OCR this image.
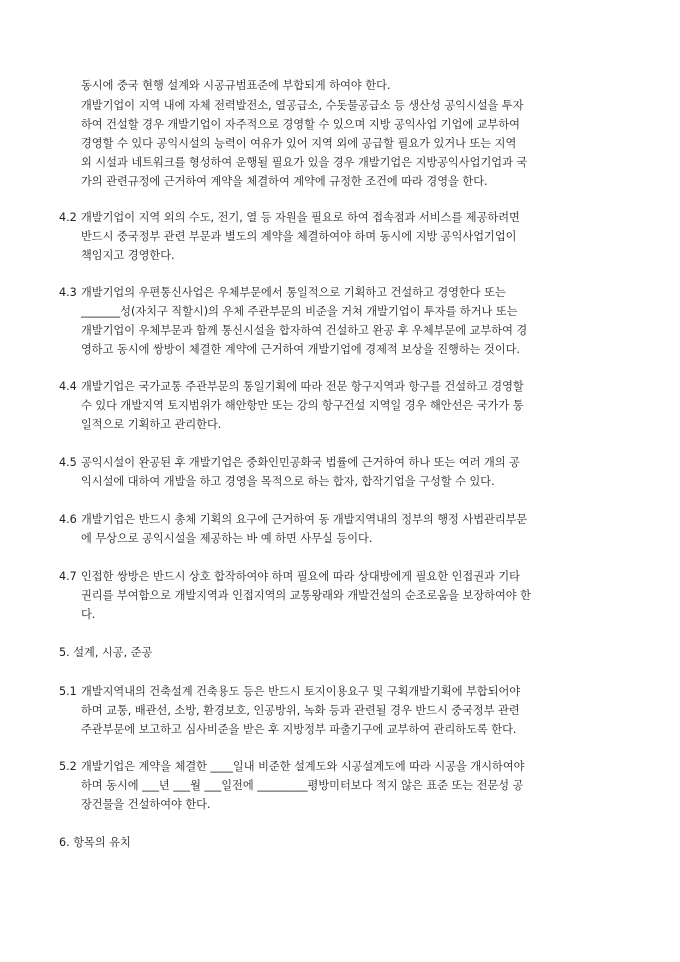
동시에 중국 현행 설계와 시공규범표준에 부합되게 하여야 한다.
개발기업이 지역 내에 자체 전력발전소, 열공급소, 수돗물공급소 등 생산성 공익시설을 투자
하여 건설할 경우 개발기업이 자주적으로 경영할 수 있으며 지방 공익사업 기업에 교부하여
경영할 수 있다 공익시설의 능력이 여유가 있어 지역 외에 공급할 필요가 있거나 또는 지역
외 시설과 네트워크를 형성하여 운행될 필요가 있을 경우 개발기업은 지방공익사업기업과 국
가의 관련규정에 근거하여 계약을 체결하여 계약에 규정한 조건에 따라 경영을 한다.
4.2 개발기업이 지역 외의 수도, 전기, 열 등 자원을 필요로 하여 접속점과 서비스를 제공하려면
반드시 중국정부 관련 부문과 별도의 계약을 체결하여야 하며 동시에 지방 공익사업기업이
책임지고 경영한다.
4.3 개발기업의 우편통신사업은 우체부문에서 통일적으로 기획하고 건설하고 경영한다 또는
_______성(자치구 직할시)의 우체 주관부문의 비준을 거쳐 개발기업이 투자를 하거나 또는
개발기업이 우체부문과 함께 통신시설을 합자하여 건설하고 완공 후 우체부문에 교부하여 경
영하고 동시에 쌍방이 체결한 계약에 근거하여 개발기업에 경제적 보상을 진행하는 것이다.
4.4 개발기업은 국가교통 주관부문의 통일기획에 따라 전문 항구지역과 항구를 건설하고 경영할
수 있다 개발지역 토지범위가 해안항만 또는 강의 항구건설 지역일 경우 해안선은 국가가 통
일적으로 기획하고 관리한다.
4.5 공익시설이 완공된 후 개발기업은 중화인민공화국 법률에 근거하여 하나 또는 여러 개의 공
익시설에 대하여 개발을 하고 경영을 목적으로 하는 합자, 합작기업을 구성할 수 있다.
4.6 개발기업은 반드시 총체 기획의 요구에 근거하여 동 개발지역내의 정부의 행정 사법관리부문
에 무상으로 공익시설을 제공하는 바 예 하면 사무실 등이다.
4.7 인접한 쌍방은 반드시 상호 합작하여야 하며 필요에 따라 상대방에게 필요한 인접권과 기타
권리를 부여함으로 개발지역과 인접지역의 교통왕래와 개발건설의 순조로움을 보장하여야 한
다.
5. 설계, 시공, 준공
5.1 개발지역내의 건축설계 건축용도 등은 반드시 토지이용요구 및 구획개발기획에 부합되어야
하며 교통, 배관선, 소방, 환경보호, 인공방위, 녹화 등과 관련될 경우 반드시 중국정부 관련
주관부문에 보고하고 심사비준을 받은 후 지방정부 파출기구에 교부하여 관리하도록 한다.
5.2 개발기업은 계약을 체결한 ____일내 비준한 설계도와 시공설계도에 따라 시공을 개시하여야
하며 동시에 ___년 ___월 ___일전에 _________평방미터보다 적지 않은 표준 또는 전문성 공
장건물을 건설하여야 한다.
6. 항목의 유치
